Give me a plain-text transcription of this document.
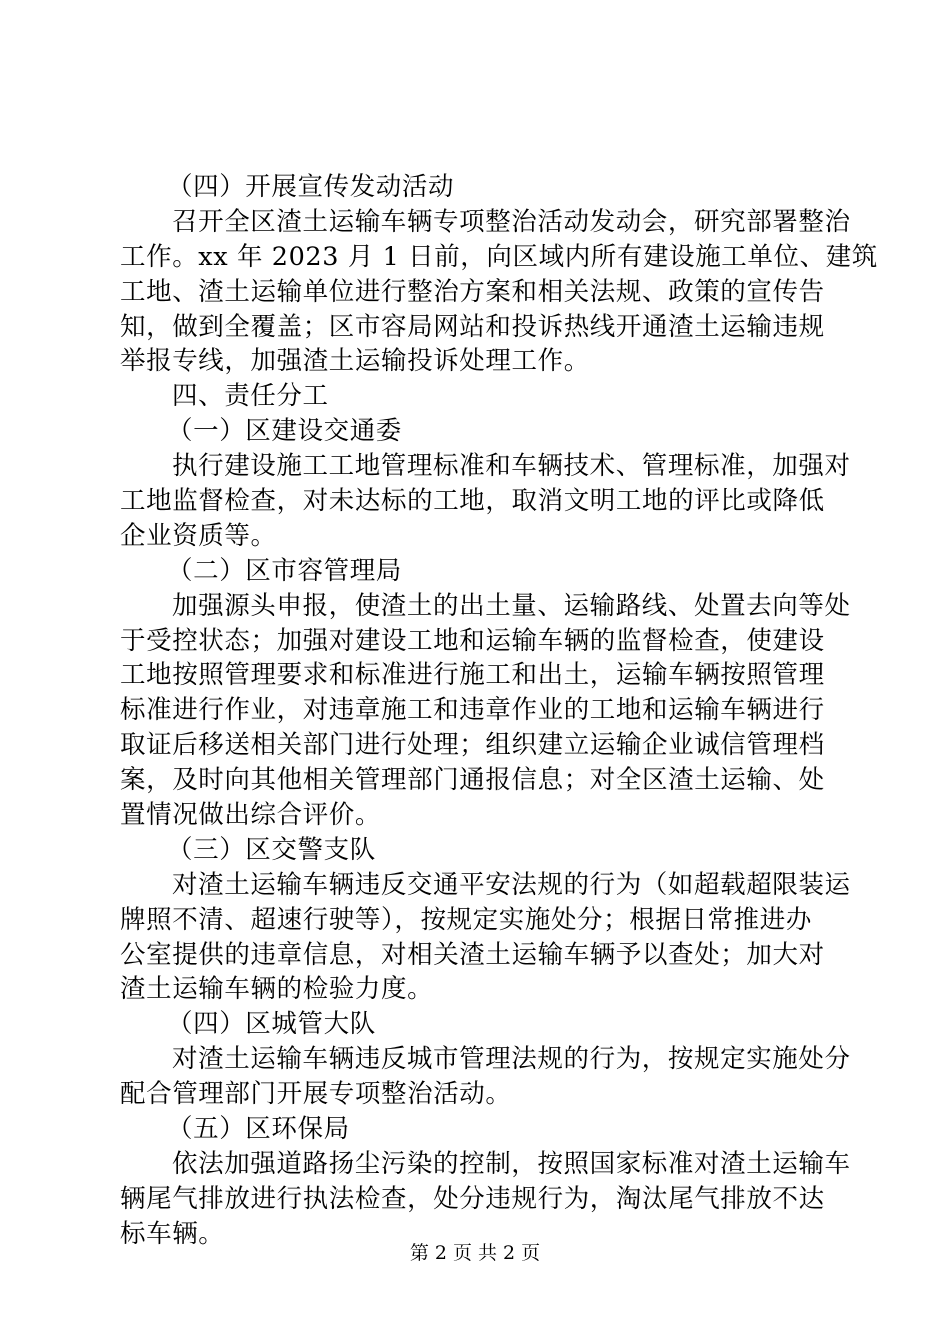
（四）开展宣传发动活动
召开全区渣土运输车辆专项整治活动发动会，研究部署整治
工作。xx 年 2023 月 1 日前，向区域内所有建设施工单位、建筑
工地、渣土运输单位进行整治方案和相关法规、政策的宣传告
知，做到全覆盖；区市容局网站和投诉热线开通渣土运输违规
举报专线，加强渣土运输投诉处理工作。
四、责任分工
（一）区建设交通委
执行建设施工工地管理标准和车辆技术、管理标准，加强对
工地监督检查，对未达标的工地，取消文明工地的评比或降低
企业资质等。
（二）区市容管理局
加强源头申报，使渣土的出土量、运输路线、处置去向等处
于受控状态；加强对建设工地和运输车辆的监督检查，使建设
工地按照管理要求和标准进行施工和出土，运输车辆按照管理
标准进行作业，对违章施工和违章作业的工地和运输车辆进行
取证后移送相关部门进行处理；组织建立运输企业诚信管理档
案，及时向其他相关管理部门通报信息；对全区渣土运输、处
置情况做出综合评价。
（三）区交警支队
对渣土运输车辆违反交通平安法规的行为（如超载超限装运
牌照不清、超速行驶等），按规定实施处分；根据日常推进办
公室提供的违章信息，对相关渣土运输车辆予以查处；加大对
渣土运输车辆的检验力度。
（四）区城管大队
对渣土运输车辆违反城市管理法规的行为，按规定实施处分
配合管理部门开展专项整治活动。
（五）区环保局
依法加强道路扬尘污染的控制，按照国家标准对渣土运输车
辆尾气排放进行执法检查，处分违规行为，淘汰尾气排放不达
标车辆。
第 2 页 共 2 页
